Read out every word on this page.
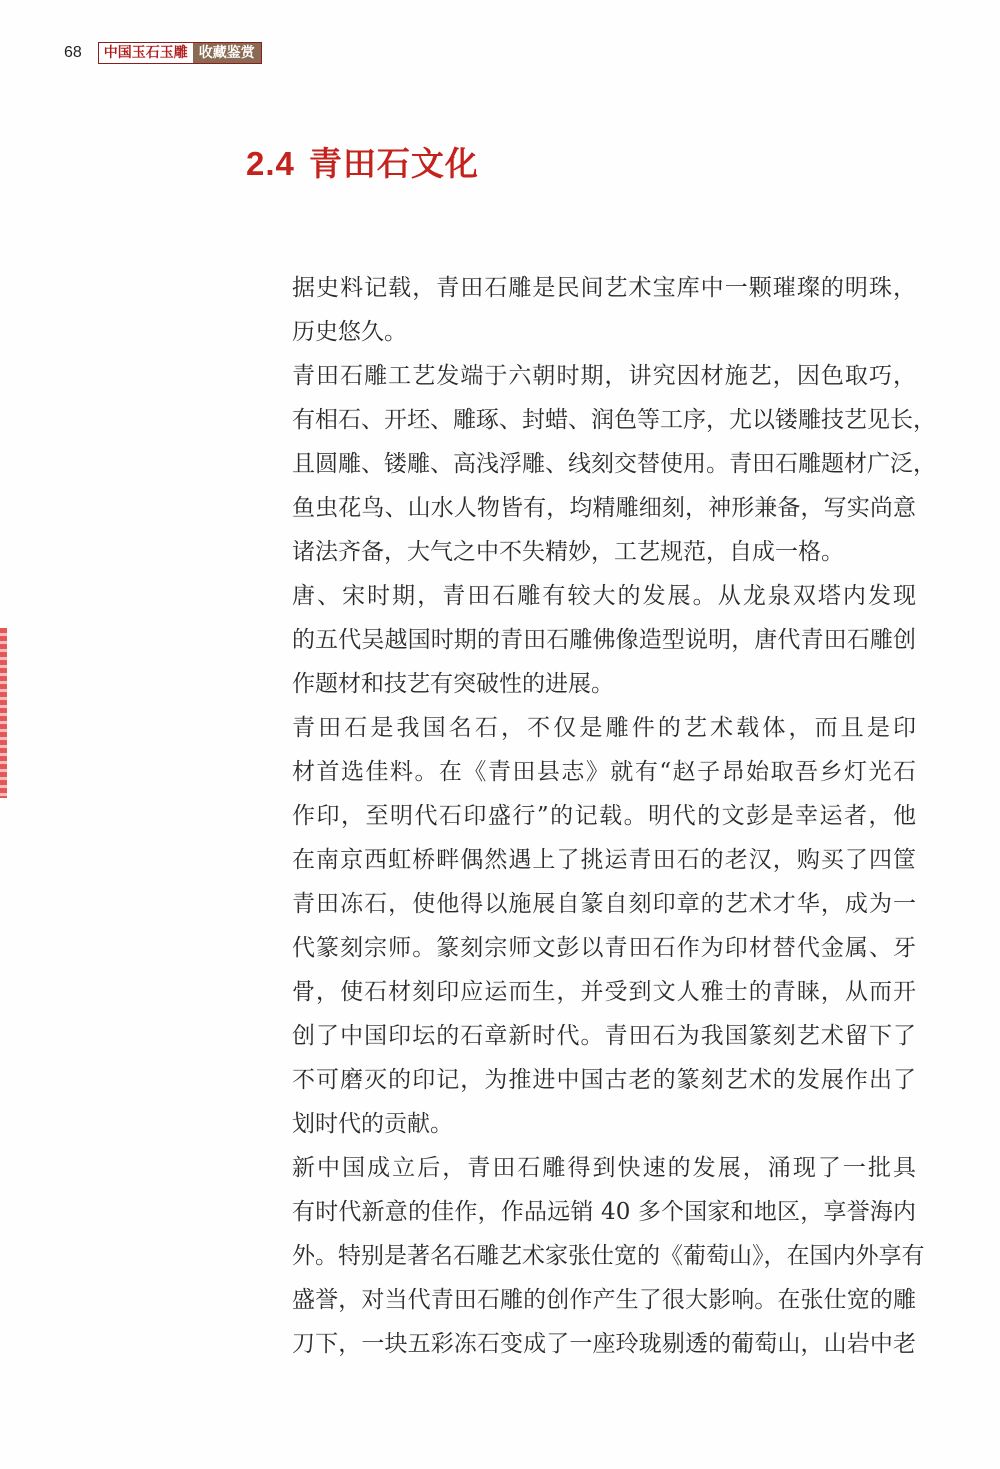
68	中国玉石玉雕 收藏鉴赏
2.4 青田石文化

据史料记载，青田石雕是民间艺术宝库中一颗璀璨的明珠，
历史悠久。

青田石雕工艺发端于六朝时期，讲究因材施艺，因色取巧，
有相石、开坯、雕琢、封蜡、润色等工序，尤以镂雕技艺见长，
且圆雕、镂雕、高浅浮雕、线刻交替使用。青田石雕题材广泛，
鱼虫花鸟、山水人物皆有，均精雕细刻，神形兼备，写实尚意
诸法齐备，大气之中不失精妙，工艺规范，自成一格。

唐、宋时期，青田石雕有较大的发展。从龙泉双塔内发现
的五代吴越国时期的青田石雕佛像造型说明，唐代青田石雕创
作题材和技艺有突破性的进展。

青田石是我国名石，不仅是雕件的艺术载体，而且是印
材首选佳料。在《青田县志》就有“赵子昂始取吾乡灯光石
作印，至明代石印盛行”的记载。明代的文彭是幸运者，他
在南京西虹桥畔偶然遇上了挑运青田石的老汉，购买了四筐
青田冻石，使他得以施展自篆自刻印章的艺术才华，成为一
代篆刻宗师。篆刻宗师文彭以青田石作为印材替代金属、牙
骨，使石材刻印应运而生，并受到文人雅士的青睐，从而开
创了中国印坛的石章新时代。青田石为我国篆刻艺术留下了
不可磨灭的印记，为推进中国古老的篆刻艺术的发展作出了
划时代的贡献。

新中国成立后，青田石雕得到快速的发展，涌现了一批具
有时代新意的佳作，作品远销 40 多个国家和地区，享誉海内
外。特别是著名石雕艺术家张仕宽的《葡萄山》，在国内外享有
盛誉，对当代青田石雕的创作产生了很大影响。在张仕宽的雕
刀下，一块五彩冻石变成了一座玲珑剔透的葡萄山，山岩中老
